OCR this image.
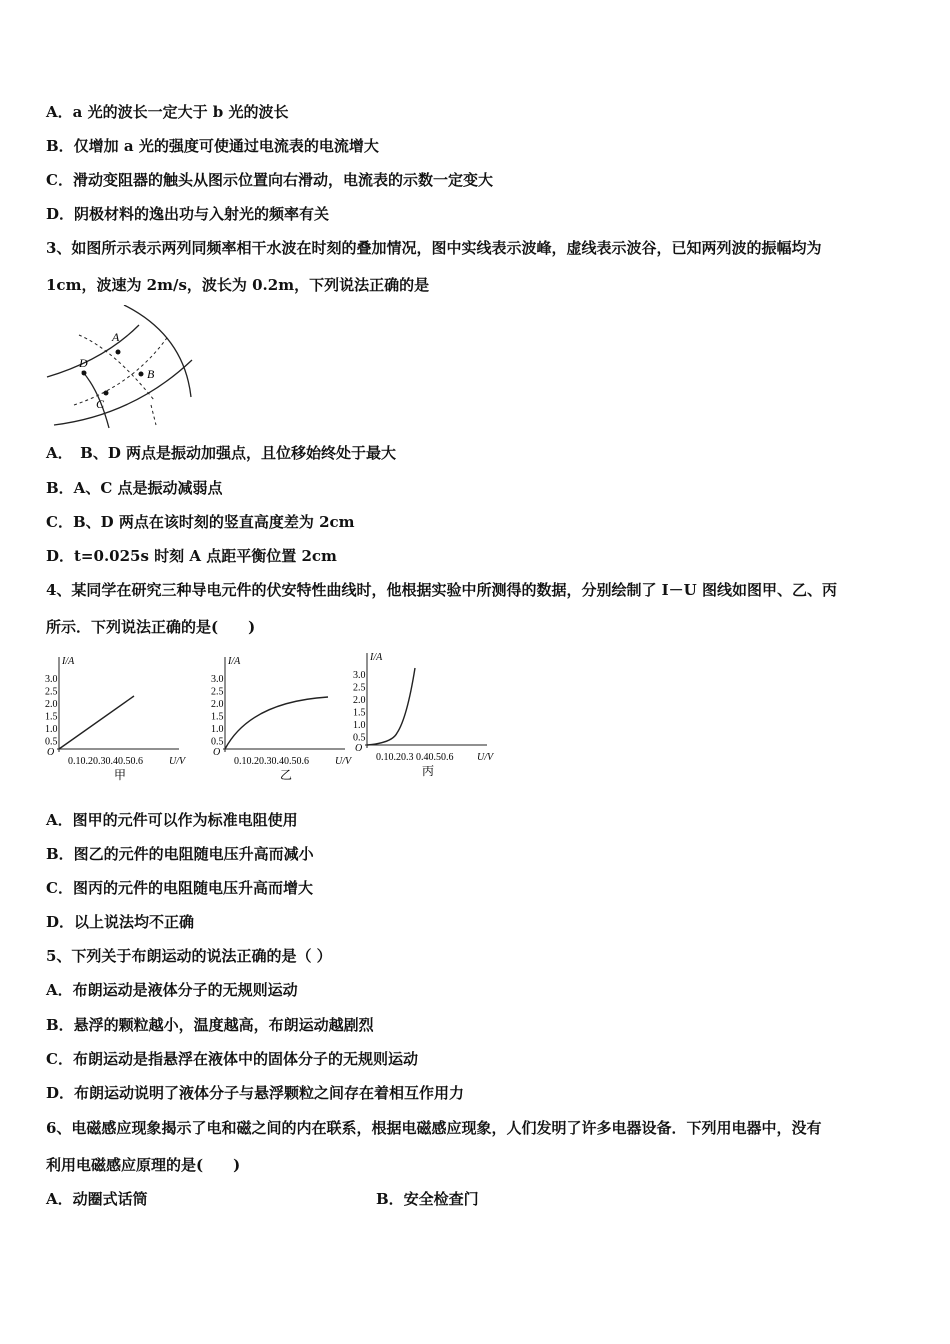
A．a 光的波长一定大于 b 光的波长
B．仅增加 a 光的强度可使通过电流表的电流增大
C．滑动变阻器的触头从图示位置向右滑动，电流表的示数一定变大
D．阴极材料的逸出功与入射光的频率有关
3、如图所示表示两列同频率相干水波在时刻的叠加情况，图中实线表示波峰，虚线表示波谷，已知两列波的振幅均为
1cm，波速为 2m/s，波长为 0.2m，下列说法正确的是
A．　B、D 两点是振动加强点，且位移始终处于最大
B．A、C 点是振动减弱点
C．B、D 两点在该时刻的竖直高度差为 2cm
D．t=0.025s 时刻 A 点距平衡位置 2cm
4、某同学在研究三种导电元件的伏安特性曲线时，他根据实验中所测得的数据，分别绘制了 I－U 图线如图甲、乙、丙
所示．下列说法正确的是(　　)
A．图甲的元件可以作为标准电阻使用
B．图乙的元件的电阻随电压升高而减小
C．图丙的元件的电阻随电压升高而增大
D．以上说法均不正确
5、下列关于布朗运动的说法正确的是（ ）
A．布朗运动是液体分子的无规则运动
B．悬浮的颗粒越小，温度越高，布朗运动越剧烈
C．布朗运动是指悬浮在液体中的固体分子的无规则运动
D．布朗运动说明了液体分子与悬浮颗粒之间存在着相互作用力
6、电磁感应现象揭示了电和磁之间的内在联系，根据电磁感应现象，人们发明了许多电器设备．下列用电器中，没有
利用电磁感应原理的是(　　)
A．动圈式话筒	B．安全检查门
A
B
C
D
I/A
3.0
2.5
2.0
1.5
1.0
0.5
O
0.10.20.30.40.50.6	U/V
甲
I/A
3.0
2.5
2.0
1.5
1.0
0.5
O
0.10.20.30.40.50.6	U/V
乙
I/A
3.0
2.5
2.0
1.5
1.0
0.5
O
0.10.20.3 0.40.50.6 U/V
丙
